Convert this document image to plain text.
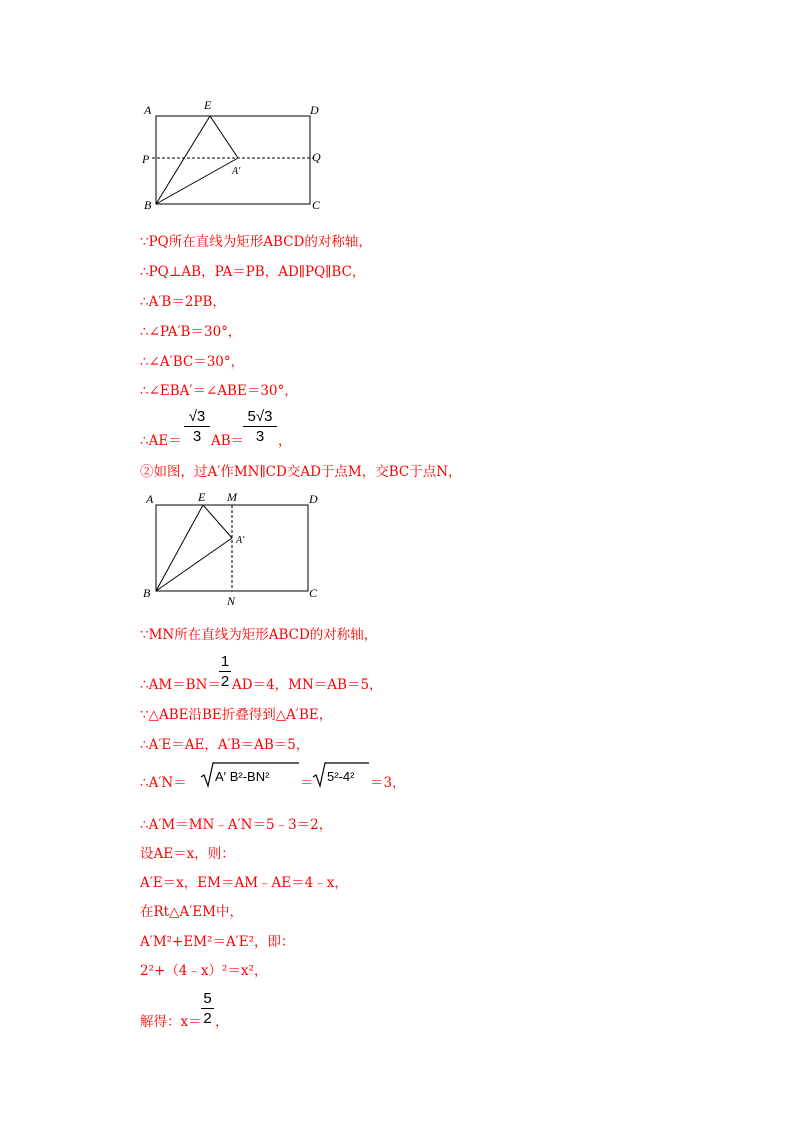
A	E	D
P	Q
A'
B	C
∵PQ所在直线为矩形ABCD的对称轴，
∴PQ⊥AB，PA＝PB，AD∥PQ∥BC，
∴A′B＝2PB，
∴∠PA′B＝30°，
∴∠A′BC＝30°，
∴∠EBA′＝∠ABE＝30°，
∴AE＝
√3
3 AB＝
5√3
3	，
②如图，过A′作MN∥CD交AD于点M，交BC于点N，
A	E M	D
A'
B
N
C
∵MN所在直线为矩形ABCD的对称轴，
∴AM＝BN＝
1
2 AD＝4，MN＝AB＝5，
∵△ABE沿BE折叠得到△A′BE，
∴A′E＝AE，A′B＝AB＝5，
∴A′N＝ A′ B²-BN² ＝ 5²-4² ＝3，
∴A′M＝MN﹣A′N＝5﹣3＝2，
设AE＝x，则：
A′E＝x，EM＝AM﹣AE＝4﹣x，
在Rt△A′EM中，
A′M²+EM²＝A′E²，即：
2²+（4﹣x）²＝x²，
解得：x＝
5
2 ，
